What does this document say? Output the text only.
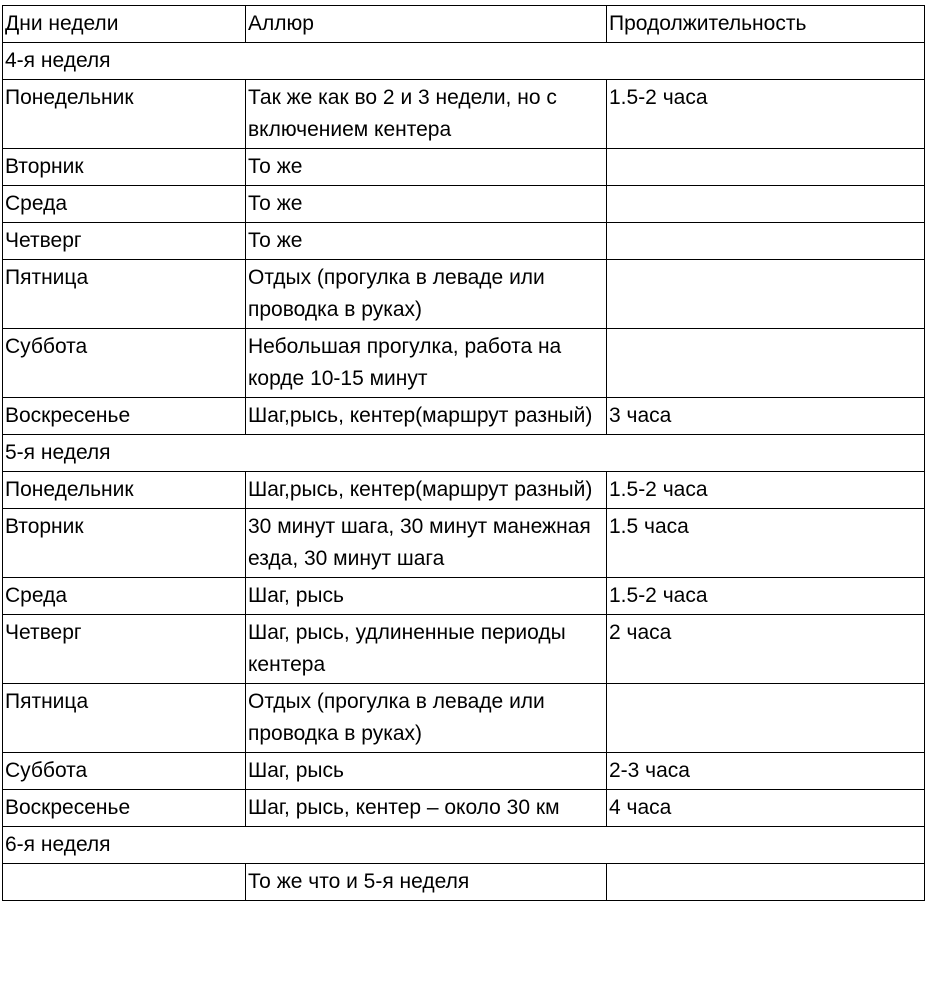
Дни недели	Аллюр	Продолжительность
4-я неделя		
Понедельник	Так же как во 2 и 3 недели, но с включением кентера	1.5-2 часа
Вторник	То же	
Среда	То же	
Четверг	То же	
Пятница	Отдых (прогулка в леваде или проводка в руках)	
Суббота	Небольшая прогулка, работа на корде 10-15 минут	
Воскресенье	Шаг,рысь, кентер(маршрут разный)	3 часа
5-я неделя		
Понедельник	Шаг,рысь, кентер(маршрут разный)	1.5-2 часа
Вторник	30 минут шага, 30 минут манежная езда, 30 минут шага	1.5 часа
Среда	Шаг, рысь	1.5-2 часа
Четверг	Шаг, рысь, удлиненные периоды кентера	2 часа
Пятница	Отдых (прогулка в леваде или проводка в руках)	
Суббота	Шаг, рысь	2-3 часа
Воскресенье	Шаг, рысь, кентер – около 30 км	4 часа
6-я неделя		
	То же что и 5-я неделя	
